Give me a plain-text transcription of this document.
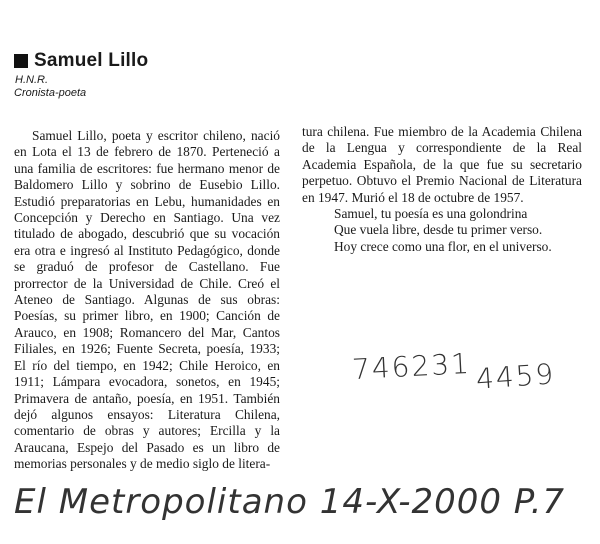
Samuel Lillo
H.N.R.
Cronista-poeta

Samuel Lillo, poeta y escritor chileno, nació en Lota el 13 de febrero de 1870. Perteneció a una familia de escritores: fue hermano menor de Baldomero Lillo y sobrino de Eusebio Lillo. Estudió preparatorias en Lebu, humanidades en Concepción y Derecho en Santiago. Una vez titulado de abogado, descubrió que su vocación era otra e ingresó al Instituto Pedagógico, donde se graduó de profesor de Castellano. Fue prorrector de la Universidad de Chile. Creó el Ateneo de Santiago. Algunas de sus obras: Poesías, su primer libro, en 1900; Canción de Arauco, en 1908; Romancero del Mar, Cantos Filiales, en 1926; Fuente Secreta, poesía, 1933; El río del tiempo, en 1942; Chile Heroico, en 1911; Lámpara evocadora, sonetos, en 1945; Primavera de antaño, poesía, en 1951. También dejó algunos ensayos: Literatura Chilena, comentario de obras y autores; Ercilla y la Araucana, Espejo del Pasado es un libro de memorias personales y de medio siglo de litera-

tura chilena. Fue miembro de la Academia Chilena de la Lengua y correspondiente de la Real Academia Española, de la que fue su secretario perpetuo. Obtuvo el Premio Nacional de Literatura en 1947. Murió el 18 de octubre de 1957.

Samuel, tu poesía es una golondrina
Que vuela libre, desde tu primer verso.
Hoy crece como una flor, en el universo.
746231 4459
El Metropolitano 14-X-2000 P.7
